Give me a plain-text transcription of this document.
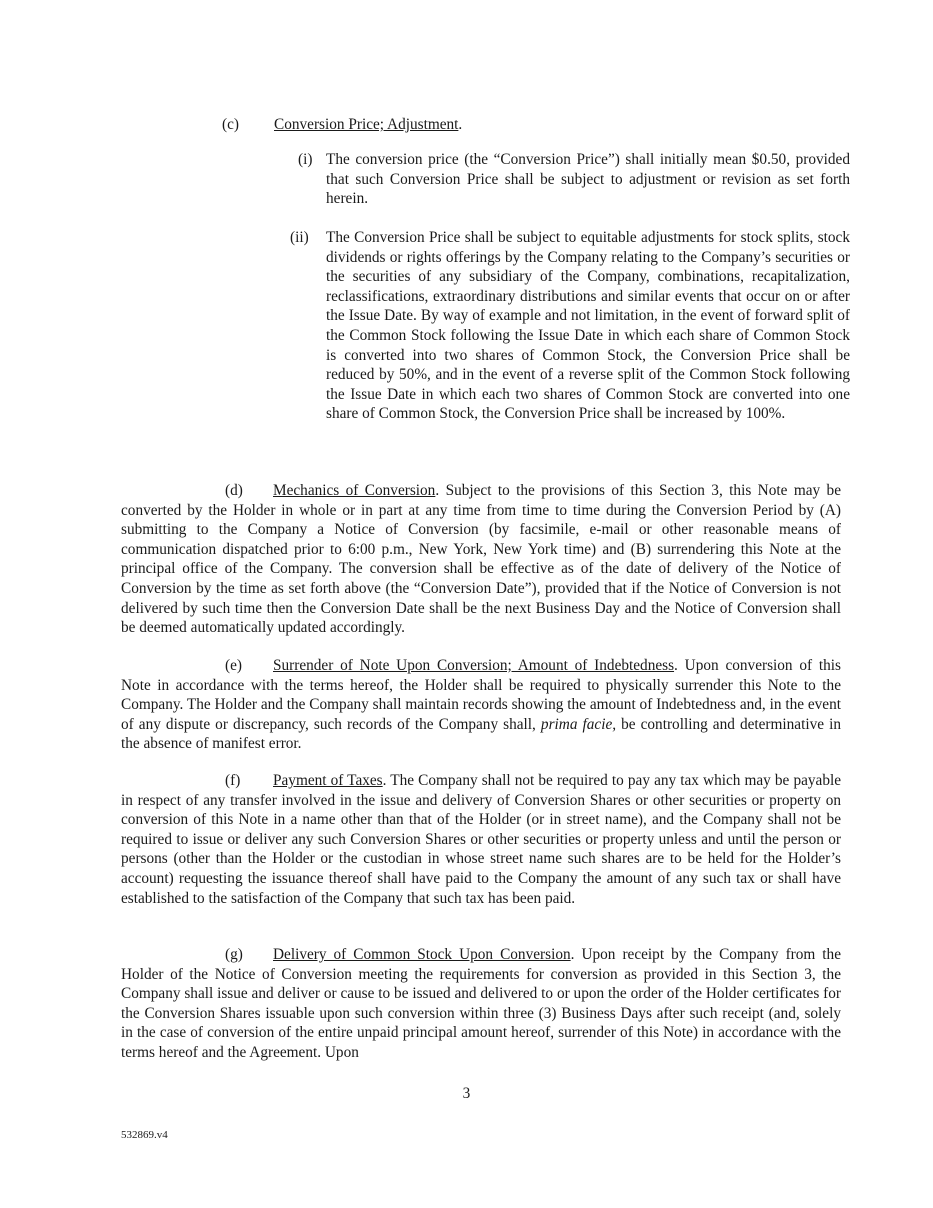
(c) Conversion Price; Adjustment.
(i) The conversion price (the “Conversion Price”) shall initially mean $0.50, provided that such Conversion Price shall be subject to adjustment or revision as set forth herein.
(ii)	The Conversion Price shall be subject to equitable adjustments for stock splits, stock dividends or rights offerings by the Company relating to the Company’s securities or the securities of any subsidiary of the Company, combinations, recapitalization, reclassifications, extraordinary distributions and similar events that occur on or after the Issue Date. By way of example and not limitation, in the event of forward split of the Common Stock following the Issue Date in which each share of Common Stock is converted into two shares of Common Stock, the Conversion Price shall be reduced by 50%, and in the event of a reverse split of the Common Stock following the Issue Date in which each two shares of Common Stock are converted into one share of Common Stock, the Conversion Price shall be increased by 100%.
(d) Mechanics of Conversion. Subject to the provisions of this Section 3, this Note may be converted by the Holder in whole or in part at any time from time to time during the Conversion Period by (A) submitting to the Company a Notice of Conversion (by facsimile, e-mail or other reasonable means of communication dispatched prior to 6:00 p.m., New York, New York time) and (B) surrendering this Note at the principal office of the Company. The conversion shall be effective as of the date of delivery of the Notice of Conversion by the time as set forth above (the “Conversion Date”), provided that if the Notice of Conversion is not delivered by such time then the Conversion Date shall be the next Business Day and the Notice of Conversion shall be deemed automatically updated accordingly.
(e) Surrender of Note Upon Conversion; Amount of Indebtedness. Upon conversion of this Note in accordance with the terms hereof, the Holder shall be required to physically surrender this Note to the Company. The Holder and the Company shall maintain records showing the amount of Indebtedness and, in the event of any dispute or discrepancy, such records of the Company shall, prima facie, be controlling and determinative in the absence of manifest error.
(f) Payment of Taxes. The Company shall not be required to pay any tax which may be payable in respect of any transfer involved in the issue and delivery of Conversion Shares or other securities or property on conversion of this Note in a name other than that of the Holder (or in street name), and the Company shall not be required to issue or deliver any such Conversion Shares or other securities or property unless and until the person or persons (other than the Holder or the custodian in whose street name such shares are to be held for the Holder’s account) requesting the issuance thereof shall have paid to the Company the amount of any such tax or shall have established to the satisfaction of the Company that such tax has been paid.
(g) Delivery of Common Stock Upon Conversion. Upon receipt by the Company from the Holder of the Notice of Conversion meeting the requirements for conversion as provided in this Section 3, the Company shall issue and deliver or cause to be issued and delivered to or upon the order of the Holder certificates for the Conversion Shares issuable upon such conversion within three (3) Business Days after such receipt (and, solely in the case of conversion of the entire unpaid principal amount hereof, surrender of this Note) in accordance with the terms hereof and the Agreement. Upon
3
532869.v4
